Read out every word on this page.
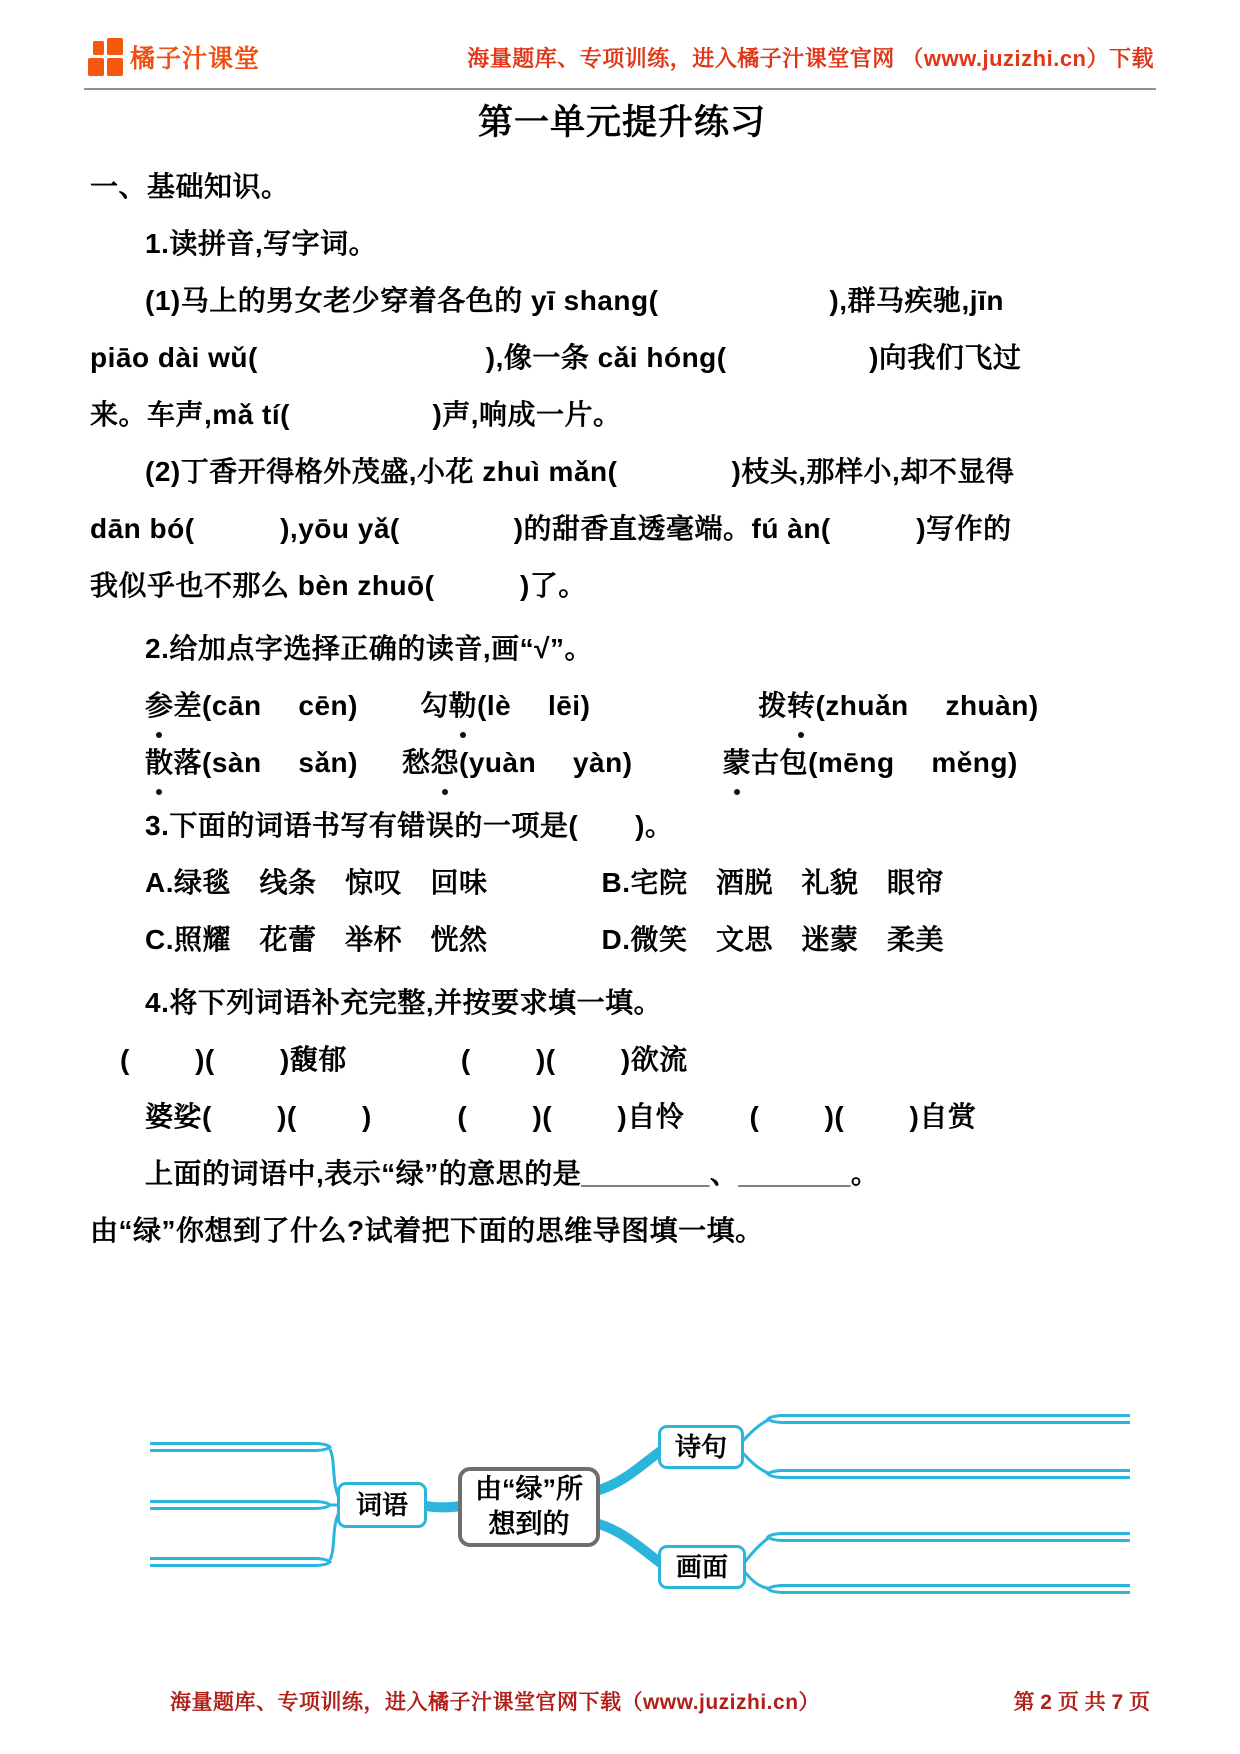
橘子汁课堂	海量题库、专项训练，进入橘子汁课堂官网 （www.juzizhi.cn）下载
第一单元提升练习
一、基础知识。
1.读拼音,写字词。
(1)马上的男女老少穿着各色的 yī shang(　　　　　　),群马疾驰,jīn
piāo dài wǔ(　　　　　　　　),像一条 cǎi hóng(　　　　　)向我们飞过
来。车声,mǎ tí(　　　　　)声,响成一片。
(2)丁香开得格外茂盛,小花 zhuì mǎn(　　　　)枝头,那样小,却不显得
dān bó(　　　),yōu yǎ(　　　　)的甜香直透毫端。fú àn(　　　)写作的
我似乎也不那么 bèn zhuō(　　　)了。
2.给加点字选择正确的读音,画“√”。
参差(cān　 cēn) 勾勒(lè　 lēi)	拨转(zhuǎn　 zhuàn)
散落(sàn　 sǎn) 愁怨(yuàn　 yàn)	蒙古包(mēng　 měng)
3.下面的词语书写有错误的一项是(　　)。
A.绿毯　线条　惊叹　回味　　　　B.宅院　酒脱　礼貌　眼帘
C.照耀　花蕾　举杯　恍然　　　　D.微笑　文思　迷蒙　柔美
4.将下列词语补充完整,并按要求填一填。
(　　 )(　　 )馥郁　　　　(　　 )(　　 )欲流
婆娑(　　 )(　　 )　　　(　　 )(　　 )自怜　　 (　　 )(　　 )自赏
上面的词语中,表示“绿”的意思的是________、_______。
由“绿”你想到了什么?试着把下面的思维导图填一填。
词语
由“绿”所
想到的
诗句
画面
海量题库、专项训练，进入橘子汁课堂官网下载（www.juzizhi.cn）	第 2 页 共 7 页
